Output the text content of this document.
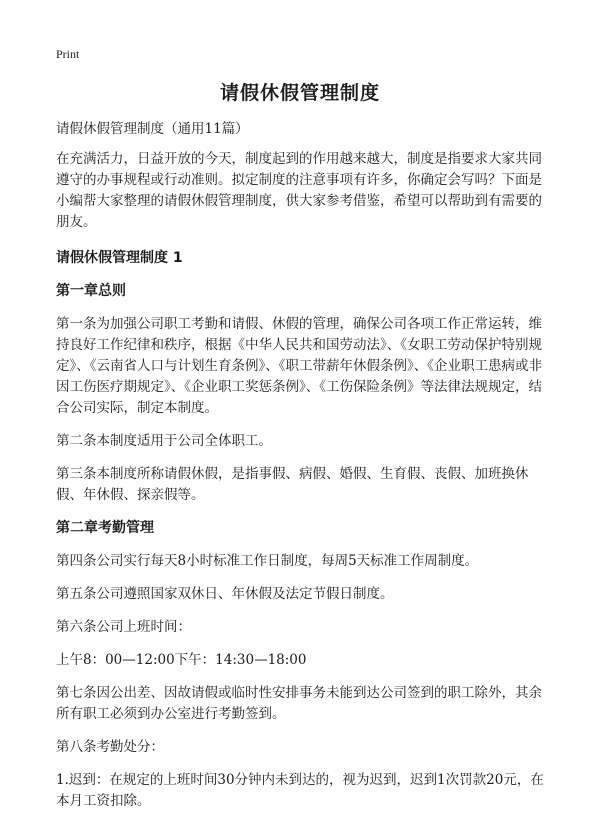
Print
请假休假管理制度

请假休假管理制度（通用11篇）

在充满活力，日益开放的今天，制度起到的作用越来越大，制度是指要求大家共同遵守的办事规程或行动准则。拟定制度的注意事项有许多，你确定会写吗？下面是小编帮大家整理的请假休假管理制度，供大家参考借鉴，希望可以帮助到有需要的朋友。

请假休假管理制度 1
第一章总则

第一条为加强公司职工考勤和请假、休假的管理，确保公司各项工作正常运转，维持良好工作纪律和秩序，根据《中华人民共和国劳动法》、《女职工劳动保护特别规定》、《云南省人口与计划生育条例》、《职工带薪年休假条例》、《企业职工患病或非因工伤医疗期规定》、《企业职工奖惩条例》、《工伤保险条例》等法律法规规定，结合公司实际，制定本制度。

第二条本制度适用于公司全体职工。

第三条本制度所称请假休假，是指事假、病假、婚假、生育假、丧假、加班换休假、年休假、探亲假等。

第二章考勤管理

第四条公司实行每天8小时标准工作日制度，每周5天标准工作周制度。

第五条公司遵照国家双休日、年休假及法定节假日制度。

第六条公司上班时间：

上午8：00—12:00下午：14:30—18:00

第七条因公出差、因故请假或临时性安排事务未能到达公司签到的职工除外，其余所有职工必须到办公室进行考勤签到。

第八条考勤处分：

1.迟到：在规定的上班时间30分钟内未到达的，视为迟到，迟到1次罚款20元，在本月工资扣除。
